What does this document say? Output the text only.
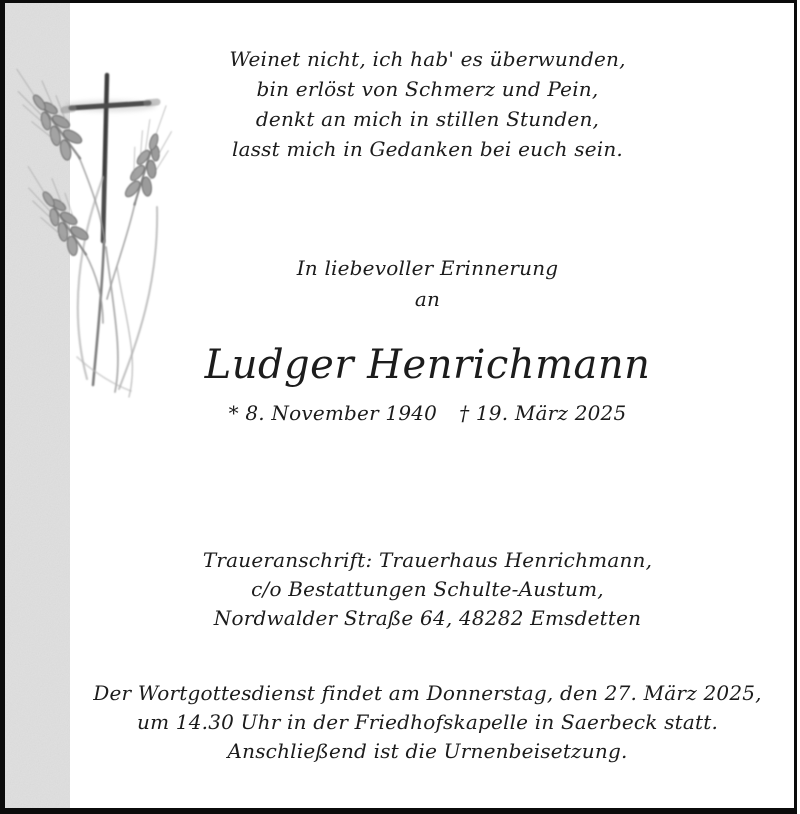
Weinet nicht, ich hab' es überwunden,
bin erlöst von Schmerz und Pein,
denkt an mich in stillen Stunden,
lasst mich in Gedanken bei euch sein.
In liebevoller Erinnerung
an
Ludger Henrichmann
* 8. November 1940 † 19. März 2025
Traueranschrift: Trauerhaus Henrichmann,
c/o Bestattungen Schulte-Austum,
Nordwalder Straße 64, 48282 Emsdetten
Der Wortgottesdienst findet am Donnerstag, den 27. März 2025,
um 14.30 Uhr in der Friedhofskapelle in Saerbeck statt.
Anschließend ist die Urnenbeisetzung.
